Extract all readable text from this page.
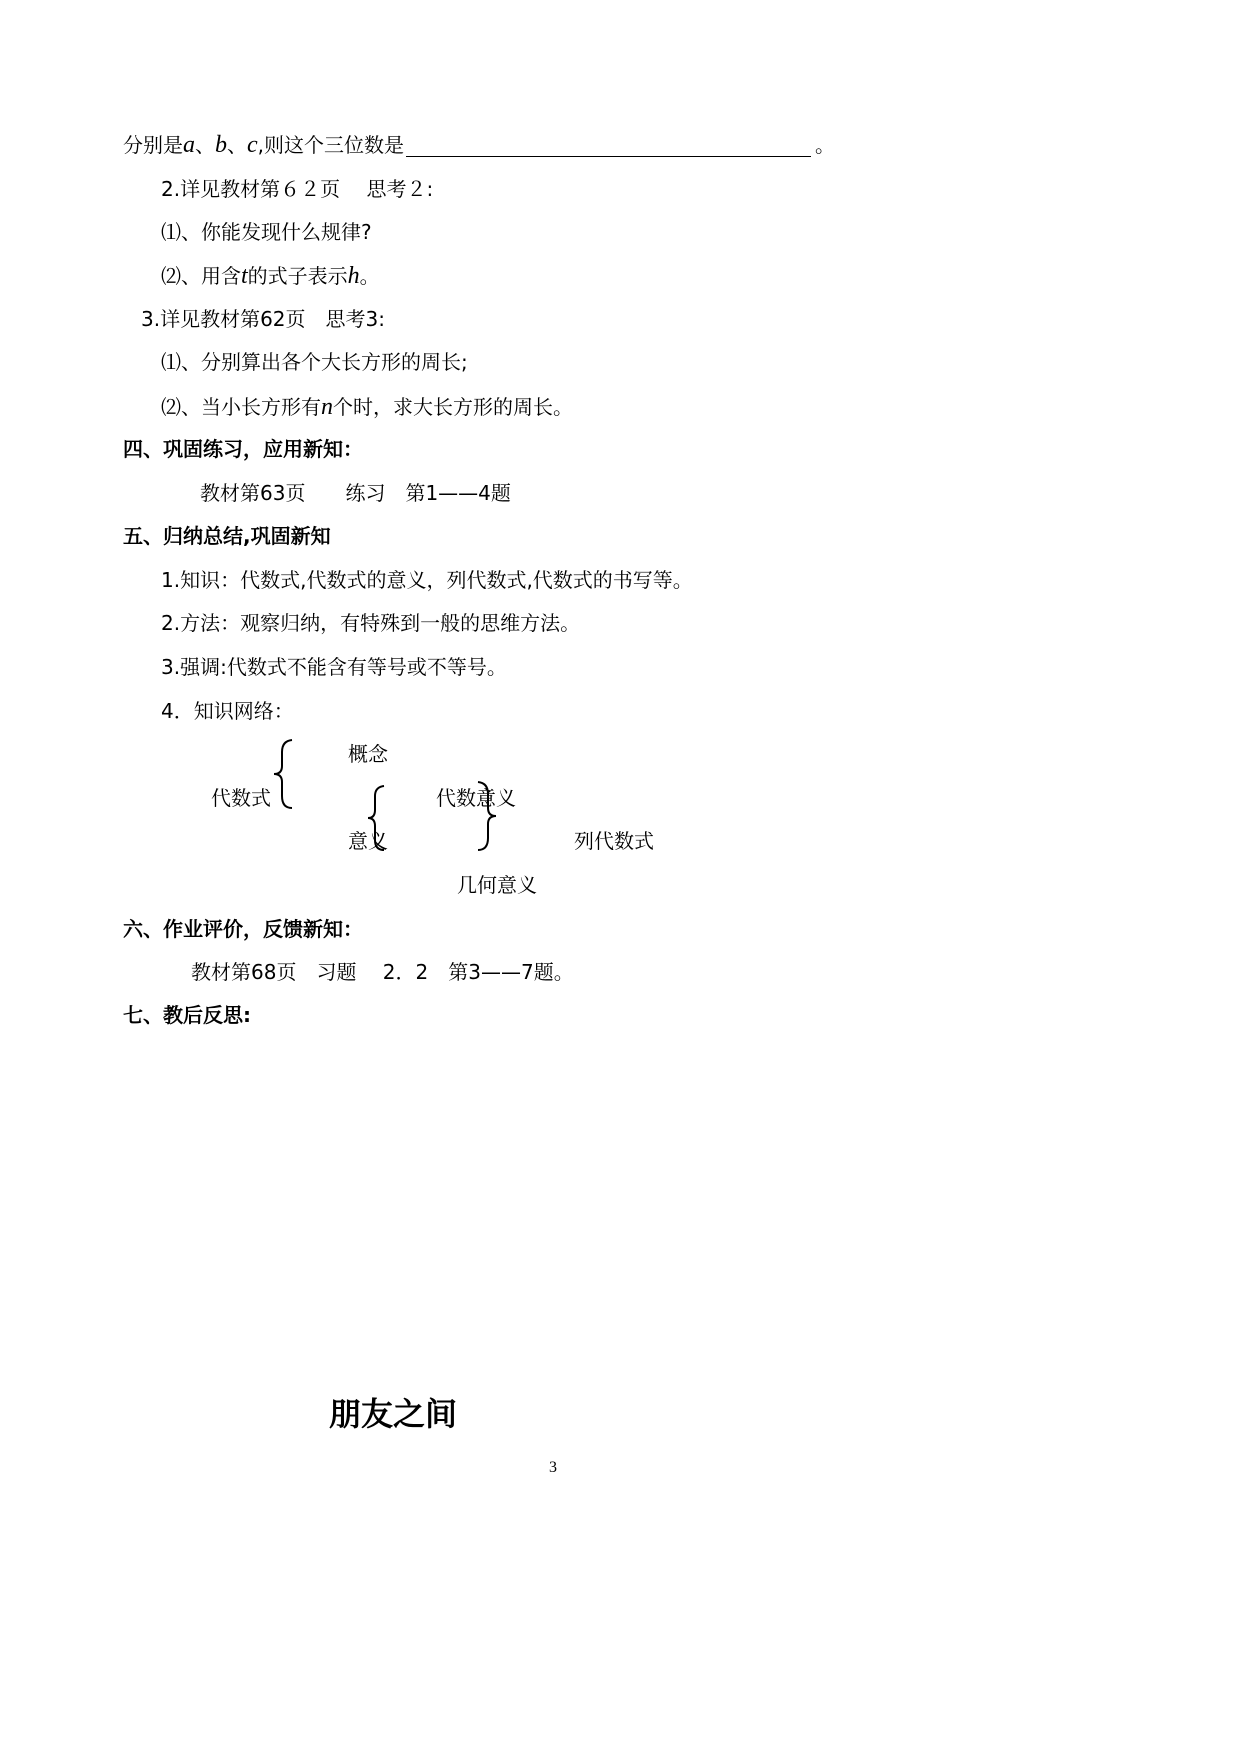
分别是a、b、c,则这个三位数是	。
2.详见教材第６２页　 思考２:
⑴、你能发现什么规律?
⑵、用含t的式子表示h。
3.详见教材第62页　思考3:
⑴、分别算出各个大长方形的周长;
⑵、当小长方形有n个时，求大长方形的周长。
四、巩固练习，应用新知：
教材第63页　　练习　第1——4题
五、归纳总结,巩固新知
1.知识：代数式,代数式的意义，列代数式,代数式的书写等。
2.方法：观察归纳，有特殊到一般的思维方法。
3.强调:代数式不能含有等号或不等号。
4．知识网络：
代数式
概念
意义
代数意义
列代数式
几何意义
六、作业评价，反馈新知：
教材第68页　习题　 2．2　第3——7题。
七、教后反思:
朋友之间
3
